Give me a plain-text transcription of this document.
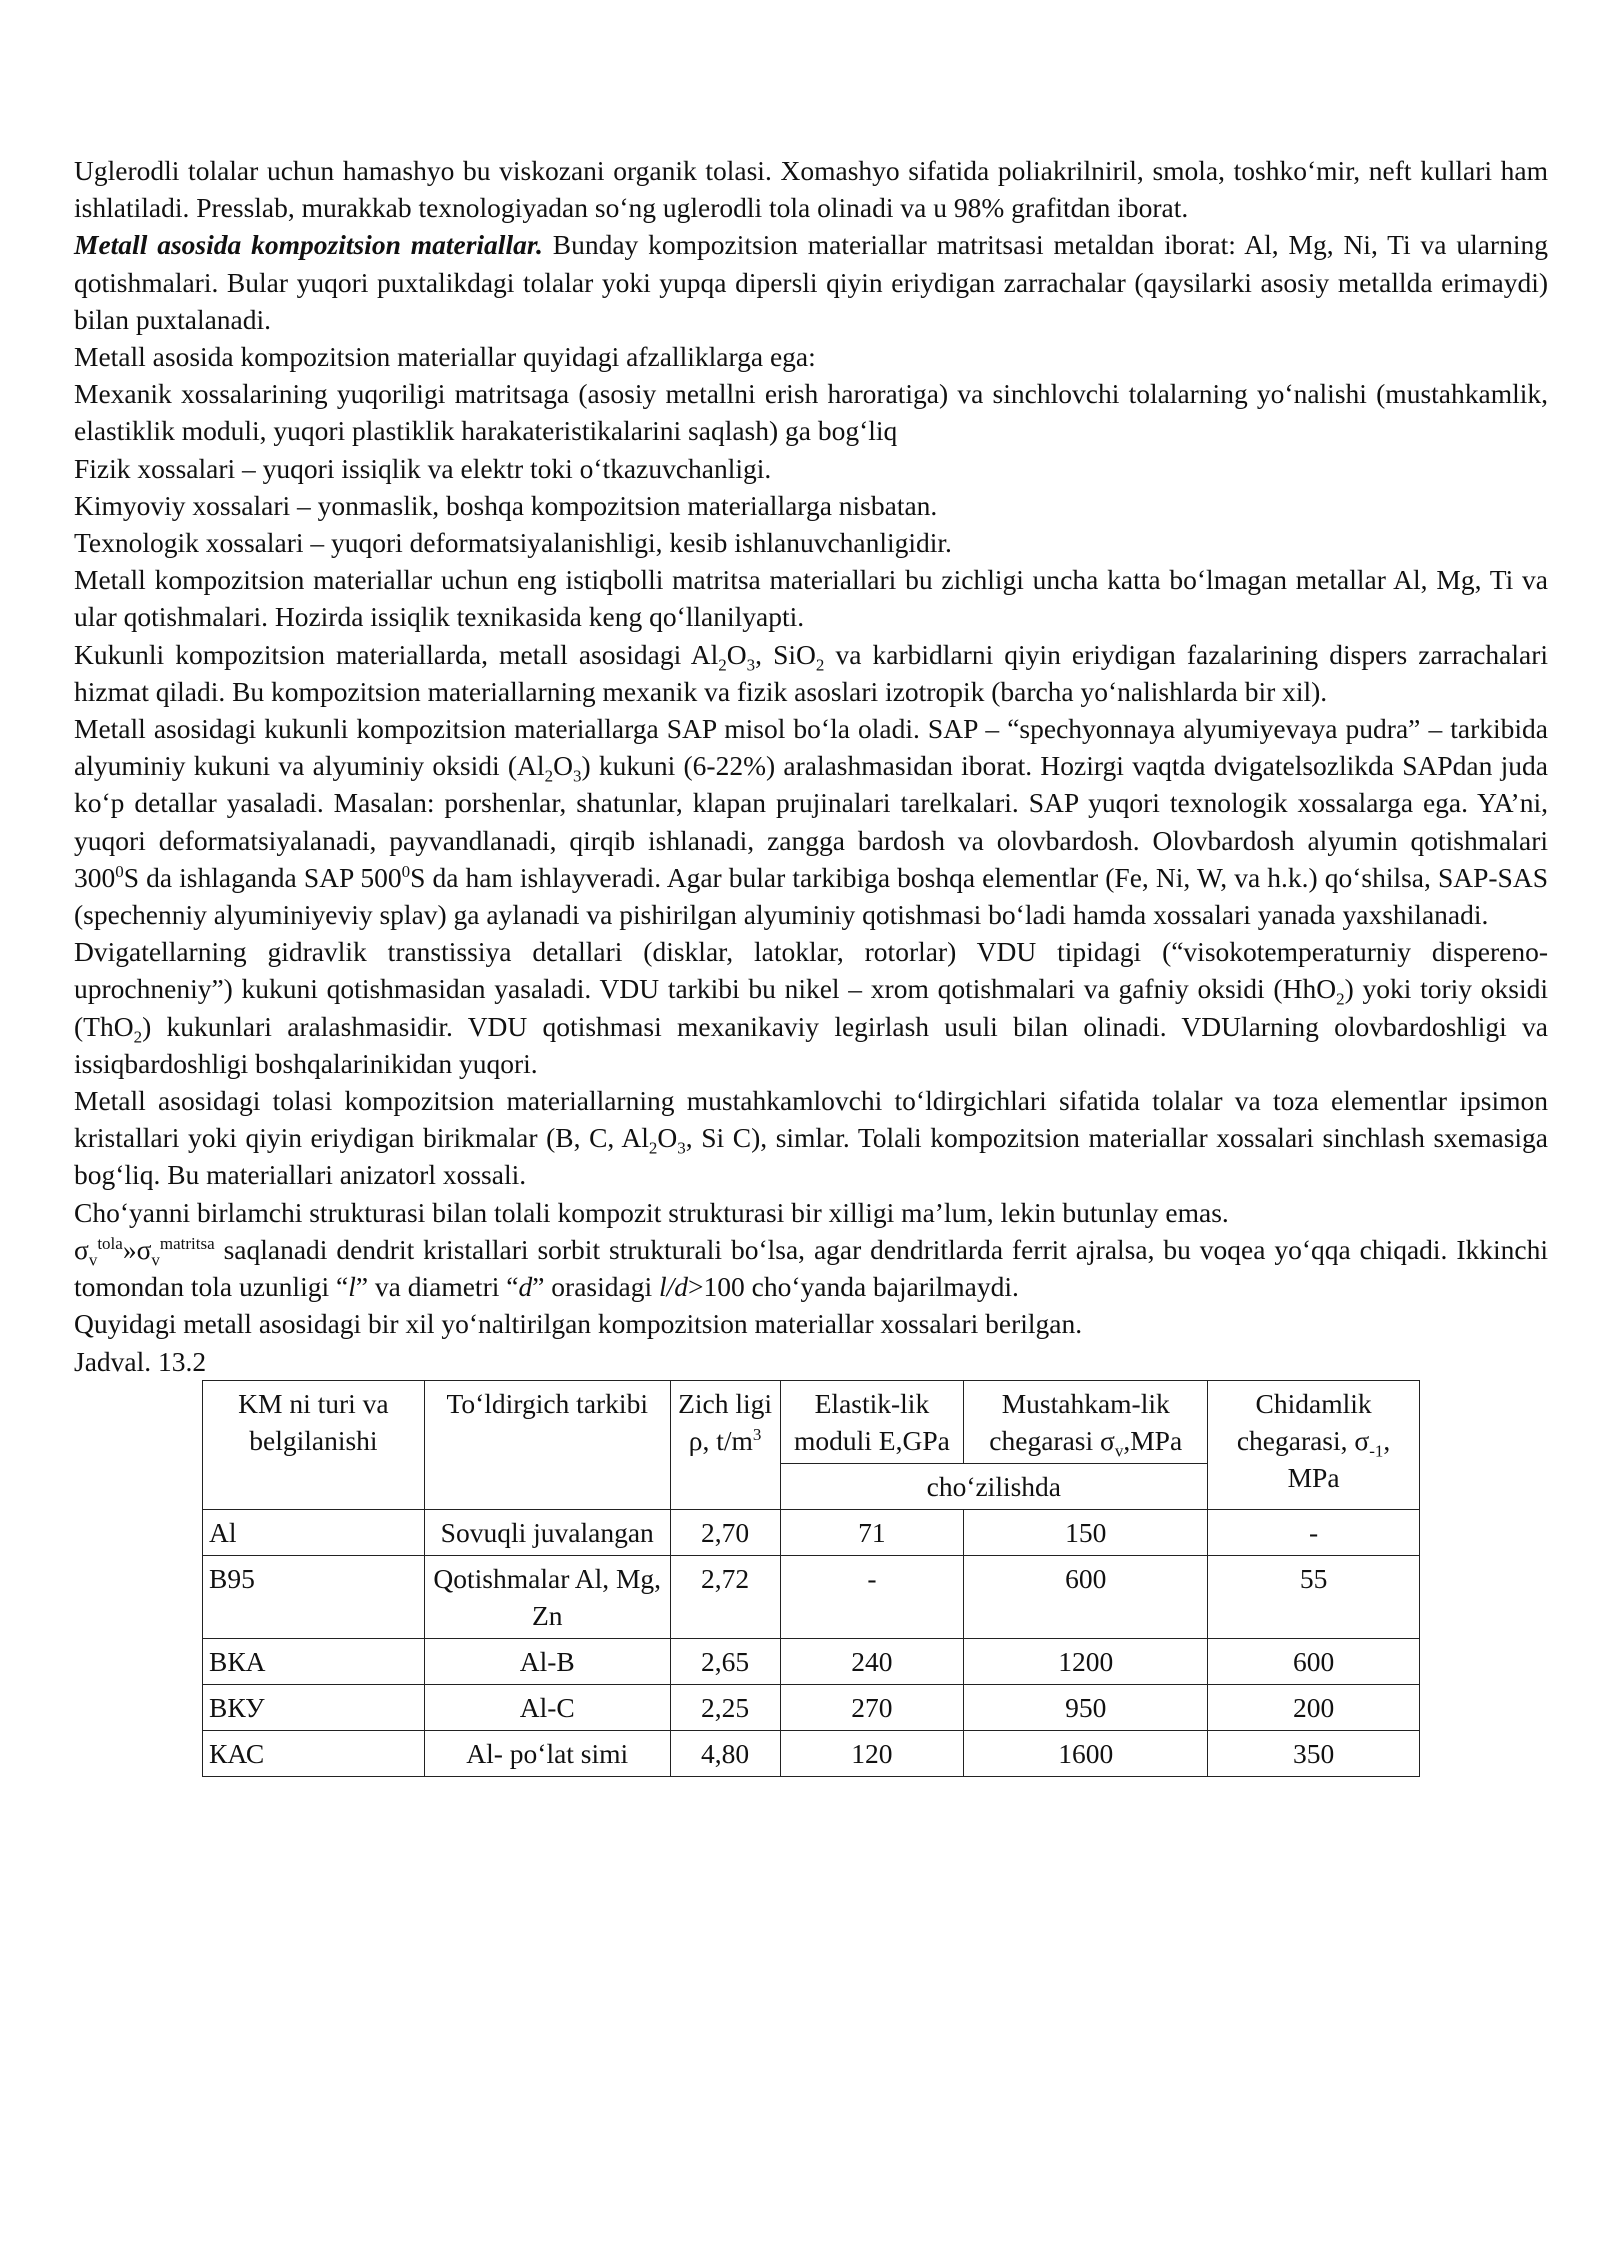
Uglerodli tolalar uchun hamashyo bu viskozani organik tolasi. Xomashyo sifatida poliakrilniril, smola, toshko‘mir, neft kullari ham ishlatiladi. Presslab, murakkab texnologiyadan so‘ng uglerodli tola olinadi va u 98% grafitdan iborat.

Metall asosida kompozitsion materiallar. Bunday kompozitsion materiallar matritsasi metaldan iborat: Al, Mg, Ni, Ti va ularning qotishmalari. Bular yuqori puxtalikdagi tolalar yoki yupqa dipersli qiyin eriydigan zarrachalar (qaysilarki asosiy metallda erimaydi) bilan puxtalanadi.

Metall asosida kompozitsion materiallar quyidagi afzalliklarga ega:

Mexanik xossalarining yuqoriligi matritsaga (asosiy metallni erish haroratiga) va sinchlovchi tolalarning yo‘nalishi (mustahkamlik, elastiklik moduli, yuqori plastiklik harakateristikalarini saqlash) ga bog‘liq

Fizik xossalari – yuqori issiqlik va elektr toki o‘tkazuvchanligi.

Kimyoviy xossalari – yonmaslik, boshqa kompozitsion materiallarga nisbatan.

Texnologik xossalari – yuqori deformatsiyalanishligi, kesib ishlanuvchanligidir.

Metall kompozitsion materiallar uchun eng istiqbolli matritsa materiallari bu zichligi uncha katta bo‘lmagan metallar Al, Mg, Ti va ular qotishmalari. Hozirda issiqlik texnikasida keng qo‘llanilyapti.

Kukunli kompozitsion materiallarda, metall asosidagi $Al_2O_3$, SiO$_2$ va karbidlarni qiyin eriydigan fazalarining dispers zarrachalari hizmat qiladi. Bu kompozitsion materiallarning mexanik va fizik asoslari izotropik (barcha yo‘nalishlarda bir xil).

Metall asosidagi kukunli kompozitsion materiallarga SAP misol bo‘la oladi. SAP – “spechyonnaya alyumiyevaya pudra” – tarkibida alyuminiy kukuni va alyuminiy oksidi $(Al_2O_3)$ kukuni (6-22%) aralashmasidan iborat. Hozirgi vaqtda dvigatelsozlikda SAPdan juda ko‘p detallar yasaladi. Masalan: porshenlar, shatunlar, klapan prujinalari tarelkalari. SAP yuqori texnologik xossalarga ega. YA’ni, yuqori deformatsiyalanadi, payvandlanadi, qirqib ishlanadi, zangga bardosh va olovbardosh. Olovbardosh alyumin qotishmalari $300^0S$ da ishlaganda SAP $500^0S$ da ham ishlayveradi. Agar bular tarkibiga boshqa elementlar (Fe, Ni, W, va h.k.) qo‘shilsa, SAP-SAS (spechenniy alyuminiyeviy splav) ga aylanadi va pishirilgan alyuminiy qotishmasi bo‘ladi hamda xossalari yanada yaxshilanadi.

Dvigatellarning gidravlik transtissiya detallari (disklar, latoklar, rotorlar) VDU tipidagi (“visokotemperaturniy dispereno-uprochneniy”) kukuni qotishmasidan yasaladi. VDU tarkibi bu nikel – xrom qotishmalari va gafniy oksidi (HhO$_2$) yoki toriy oksidi (ThO$_2$) kukunlari aralashmasidir. VDU qotishmasi mexanikaviy legirlash usuli bilan olinadi. VDUlarning olovbardoshligi va issiqbardoshligi boshqalarinikidan yuqori.

Metall asosidagi tolasi kompozitsion materiallarning mustahkamlovchi to‘ldirgichlari sifatida tolalar va toza elementlar ipsimon kristallari yoki qiyin eriydigan birikmalar (B, C, $Al_2O_3$, Si C), simlar. Tolali kompozitsion materiallar xossalari sinchlash sxemasiga bog‘liq. Bu materiallari anizatorl xossali.

Cho‘yanni birlamchi strukturasi bilan tolali kompozit strukturasi bir xilligi ma’lum, lekin butunlay emas.

$\sigma_v^{tola}»\sigma_v^{matritsa}$ saqlanadi dendrit kristallari sorbit strukturali bo‘lsa, agar dendritlarda ferrit ajralsa, bu voqea yo‘qqa chiqadi. Ikkinchi tomondan tola uzunligi “l” va diametri “d” orasidagi l/d>100 cho‘yanda bajarilmaydi.

Quyidagi metall asosidagi bir xil yo‘naltirilgan kompozitsion materiallar xossalari berilgan.

Jadval. 13.2

KM ni turi va belgilanishi	To‘ldirgich tarkibi	Zich ligi ρ, $t/m^3$	Elastik-lik moduli E,GPa	Mustahkam-lik chegarasi $\sigma_v,MPa$	Chidamlik chegarasi, $\sigma_{-1}$, MPa
			cho‘zilishda		
Al	Sovuqli juvalangan	2,70	71	150	-
B95	Qotishmalar Al, Mg, Zn	2,72	-	600	55
ВКА	Al-B	2,65	240	1200	600
ВКУ	Al-C	2,25	270	950	200
КАС	Al- po‘lat simi	4,80	120	1600	350
